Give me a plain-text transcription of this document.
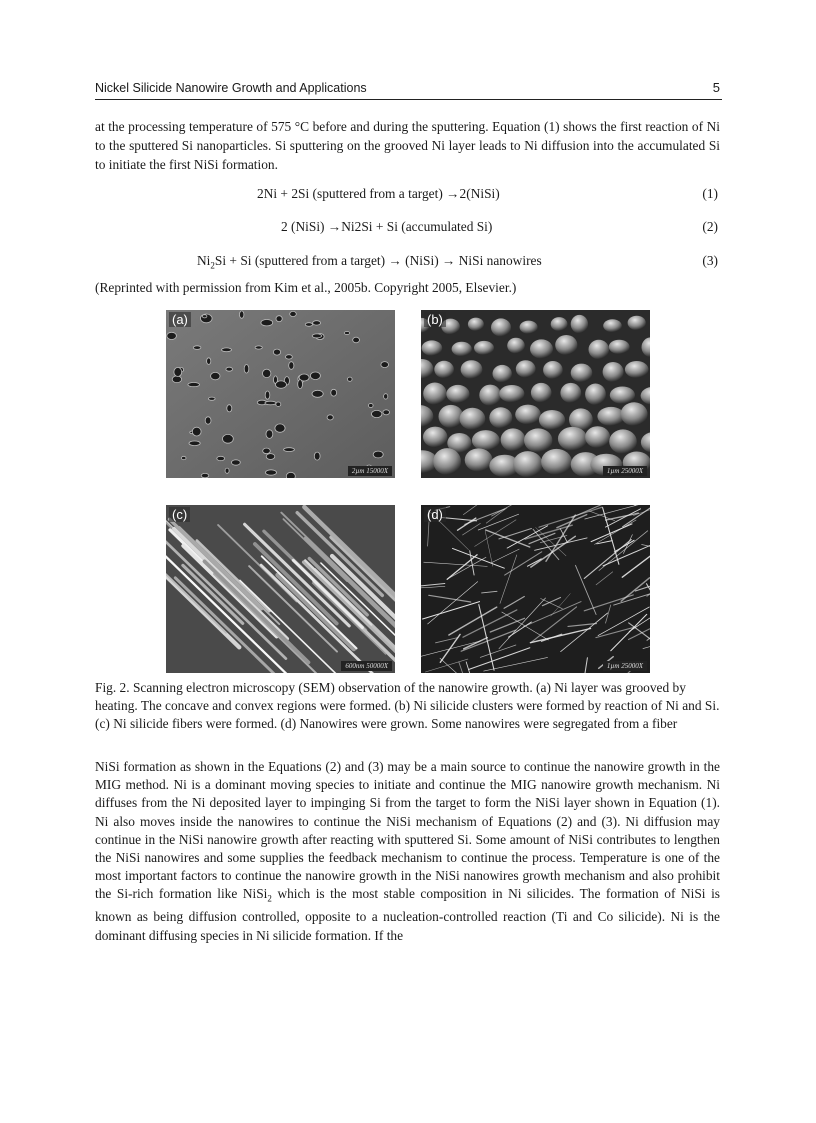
Nickel Silicide Nanowire Growth and Applications	5

at the processing temperature of 575 °C before and during the sputtering. Equation (1) shows the first reaction of Ni to the sputtered Si nanoparticles. Si sputtering on the grooved Ni layer leads to Ni diffusion into the accumulated Si to initiate the first NiSi formation.

2Ni + 2Si (sputtered from a target) →2(NiSi)	(1)
2 (NiSi) →Ni2Si + Si (accumulated Si)	(2)
$Ni_2Si + Si$ (sputtered from a target) → (NiSi) → NiSi nanowires	(3)
(Reprinted with permission from Kim et al., 2005b. Copyright 2005, Elsevier.)
(a)
2µm 15000X
(b)
1µm 25000X
(c)
600nm 50000X
(d)
1µm 25000X

Fig. 2. Scanning electron microscopy (SEM) observation of the nanowire growth. (a) Ni layer was grooved by heating. The concave and convex regions were formed. (b) Ni silicide clusters were formed by reaction of Ni and Si. (c) Ni silicide fibers were formed. (d) Nanowires were grown. Some nanowires were segregated from a fiber

NiSi formation as shown in the Equations (2) and (3) may be a main source to continue the nanowire growth in the MIG method. Ni is a dominant moving species to initiate and continue the MIG nanowire growth mechanism. Ni diffuses from the Ni deposited layer to impinging Si from the target to form the NiSi layer shown in Equation (1). Ni also moves inside the nanowires to continue the NiSi mechanism of Equations (2) and (3). Ni diffusion may continue in the NiSi nanowire growth after reacting with sputtered Si. Some amount of NiSi contributes to lengthen the NiSi nanowires and some supplies the feedback mechanism to continue the process. Temperature is one of the most important factors to continue the nanowire growth in the NiSi nanowires growth mechanism and also prohibit the Si-rich formation like NiSi$_2$ which is the most stable composition in Ni silicides. The formation of NiSi is known as being diffusion controlled, opposite to a nucleation-controlled reaction (Ti and Co silicide). Ni is the dominant diffusing species in Ni silicide formation. If the
